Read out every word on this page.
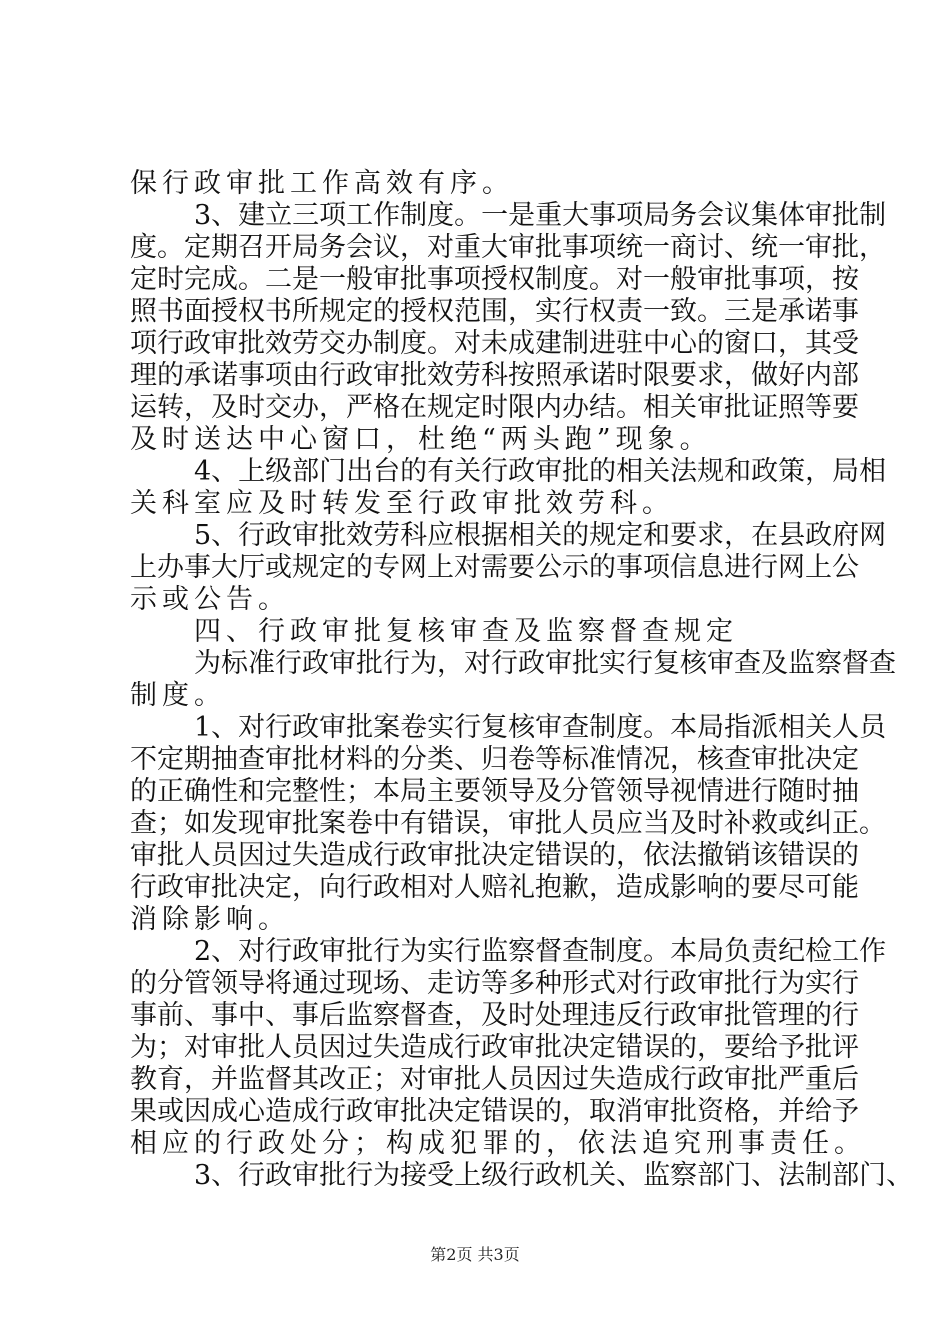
保行政审批工作高效有序。
3、建立三项工作制度。一是重大事项局务会议集体审批制
度。定期召开局务会议，对重大审批事项统一商讨、统一审批，
定时完成。二是一般审批事项授权制度。对一般审批事项，按
照书面授权书所规定的授权范围，实行权责一致。三是承诺事
项行政审批效劳交办制度。对未成建制进驻中心的窗口，其受
理的承诺事项由行政审批效劳科按照承诺时限要求，做好内部
运转，及时交办，严格在规定时限内办结。相关审批证照等要
及时送达中心窗口，杜绝“两头跑”现象。
4、上级部门出台的有关行政审批的相关法规和政策，局相
关科室应及时转发至行政审批效劳科。
5、行政审批效劳科应根据相关的规定和要求，在县政府网
上办事大厅或规定的专网上对需要公示的事项信息进行网上公
示或公告。
四、行政审批复核审查及监察督查规定
为标准行政审批行为，对行政审批实行复核审查及监察督查
制度。
1、对行政审批案卷实行复核审查制度。本局指派相关人员
不定期抽查审批材料的分类、归卷等标准情况，核查审批决定
的正确性和完整性；本局主要领导及分管领导视情进行随时抽
查；如发现审批案卷中有错误，审批人员应当及时补救或纠正。
审批人员因过失造成行政审批决定错误的，依法撤销该错误的
行政审批决定，向行政相对人赔礼抱歉，造成影响的要尽可能
消除影响。
2、对行政审批行为实行监察督查制度。本局负责纪检工作
的分管领导将通过现场、走访等多种形式对行政审批行为实行
事前、事中、事后监察督查，及时处理违反行政审批管理的行
为；对审批人员因过失造成行政审批决定错误的，要给予批评
教育，并监督其改正；对审批人员因过失造成行政审批严重后
果或因成心造成行政审批决定错误的，取消审批资格，并给予
相应的行政处分；构成犯罪的，依法追究刑事责任。
3、行政审批行为接受上级行政机关、监察部门、法制部门、
第2页 共3页
